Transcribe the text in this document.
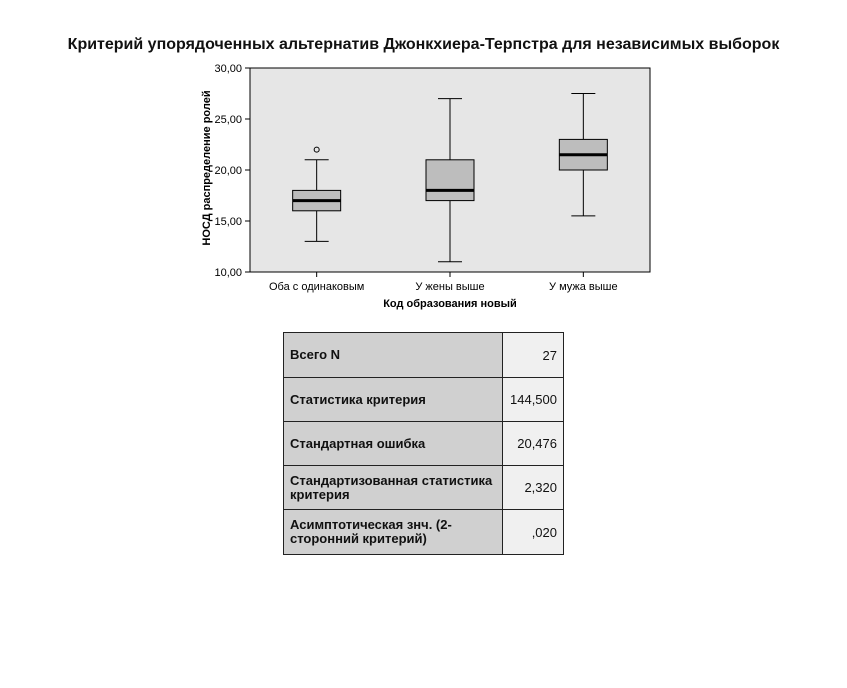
Критерий упорядоченных альтернатив Джонкхиера-Терпстра для независимых выборок
10,00
15,00
20,00
25,00
30,00
Оба с одинаковым	У жены выше	У мужа выше
Код образования новый
НОСД распределение ролей
Всего N	27
Статистика критерия	144,500
Стандартная ошибка	20,476
Стандартизованная статистика критерия	2,320
Асимптотическая знч. (2-сторонний критерий)	,020
